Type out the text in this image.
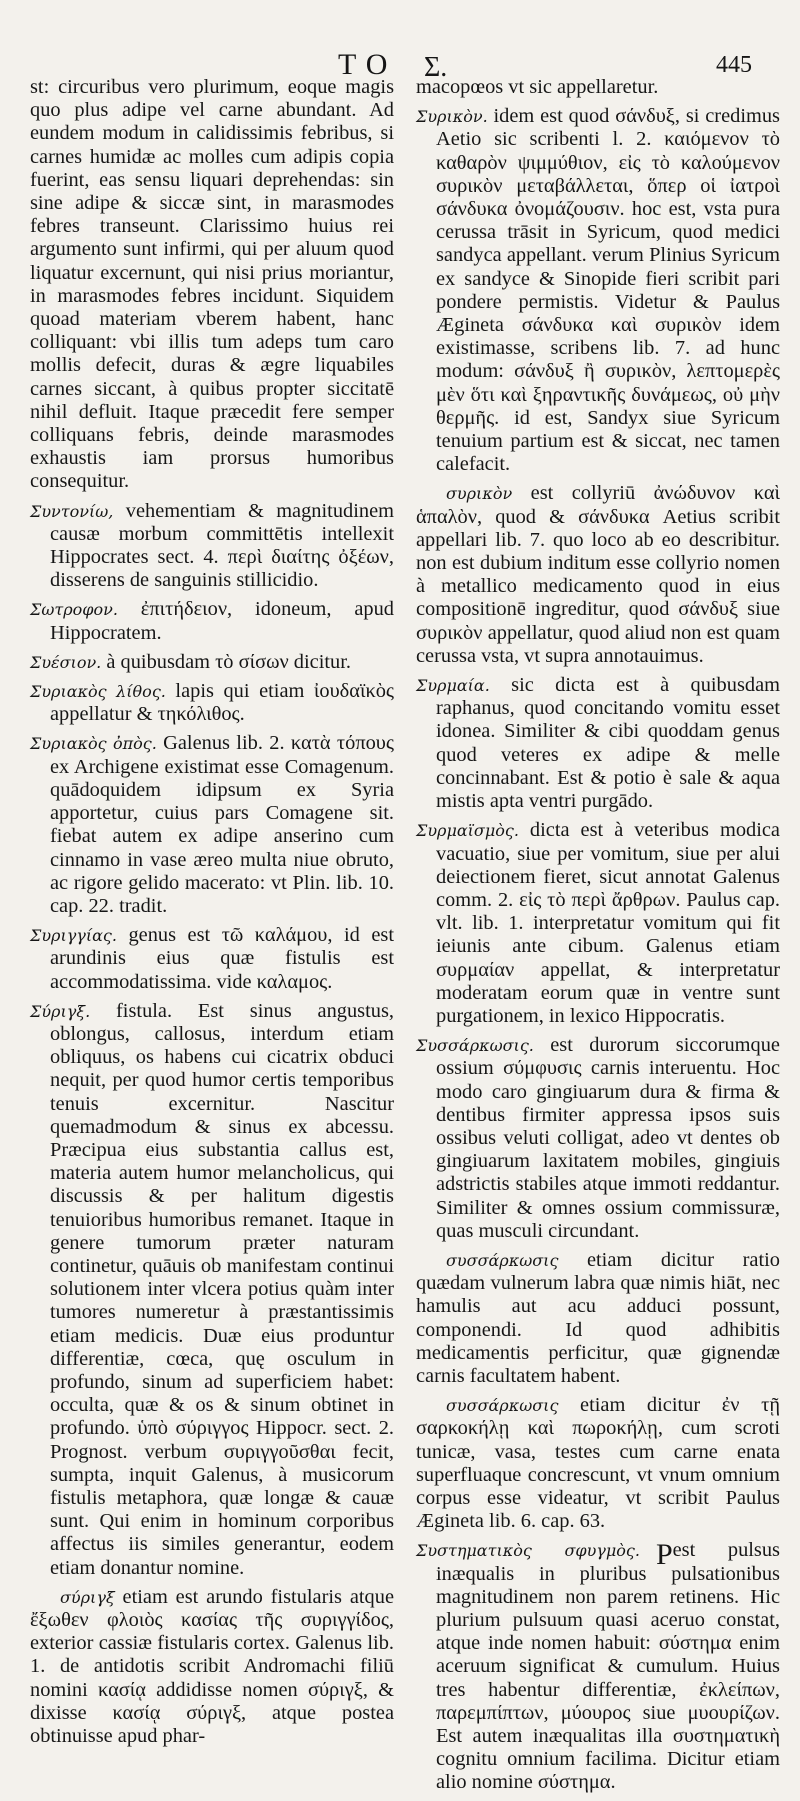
TO Σ.	445

st: circuribus vero plurimum, eoque magis quo plus adipe vel carne abundant. Ad eundem modum in calidissimis febribus, si carnes humidæ ac molles cum adipis copia fuerint, eas sensu liquari deprehendas: sin sine adipe & siccæ sint, in marasmodes febres transeunt. Clarissimo huius rei argumento sunt infirmi, qui per aluum quod liquatur excernunt, qui nisi prius moriantur, in marasmodes febres incidunt. Siquidem quoad materiam vberem habent, hanc colliquant: vbi illis tum adeps tum caro mollis defecit, duras & ægre liquabiles carnes siccant, à quibus propter siccitatē nihil defluit. Itaque præcedit fere semper colliquans febris, deinde marasmodes exhaustis iam prorsus humoribus consequitur.

Συντονίω, vehementiam & magnitudinem causæ morbum committētis intellexit Hippocrates sect. 4. περὶ διαίτης ὀξέων, disserens de sanguinis stillicidio.

Σωτροφον. ἐπιτήδειον, idoneum, apud Hippocratem.

Συέσιον. à quibusdam τὸ σίσων dicitur.

Συριακὸς λίθος. lapis qui etiam ἰουδαϊκὸς appellatur & τηκόλιθος.

Συριακὸς ὀπὸς. Galenus lib. 2. κατὰ τόπους ex Archigene existimat esse Comagenum. quādoquidem idipsum ex Syria apportetur, cuius pars Comagene sit. fiebat autem ex adipe anserino cum cinnamo in vase æreo multa niue obruto, ac rigore gelido macerato: vt Plin. lib. 10. cap. 22. tradit.

Συριγγίας. genus est τῶ καλάμου, id est arundinis eius quæ fistulis est accommodatissima. vide καλαμος.

Σύριγξ. fistula. Est sinus angustus, oblongus, callosus, interdum etiam obliquus, os habens cui cicatrix obduci nequit, per quod humor certis temporibus tenuis excernitur. Nascitur quemadmodum & sinus ex abcessu. Præcipua eius substantia callus est, materia autem humor melancholicus, qui discussis & per halitum digestis tenuioribus humoribus remanet. Itaque in genere tumorum præter naturam continetur, quāuis ob manifestam continui solutionem inter vlcera potius quàm inter tumores numeretur à præstantissimis etiam medicis. Duæ eius produntur differentiæ, cœca, quę osculum in profundo, sinum ad superficiem habet: occulta, quæ & os & sinum obtinet in profundo. ὑπὸ σύριγγος Hippocr. sect. 2. Prognost. verbum συριγγοῦσθαι fecit, sumpta, inquit Galenus, à musicorum fistulis metaphora, quæ longæ & cauæ sunt. Qui enim in hominum corporibus affectus iis similes generantur, eodem etiam donantur nomine.

σύριγξ etiam est arundo fistularis atque ἔξωθεν φλοιὸς κασίας τῆς συριγγίδος, exterior cassiæ fistularis cortex. Galenus lib. 1. de antidotis scribit Andromachi filiū nomini κασίᾳ addidisse nomen σύριγξ, & dixisse κασίᾳ σύριγξ, atque postea obtinuisse apud phar-

macopœos vt sic appellaretur.

Συρικὸν. idem est quod σάνδυξ, si credimus Aetio sic scribenti l. 2. καιόμενον τὸ καθαρὸν ψιμμύθιον, εἰς τὸ καλούμενον συρικὸν μεταβάλλεται, ὅπερ οἱ ἰατροὶ σάνδυκα ὀνομάζουσιν. hoc est, vsta pura cerussa trāsit in Syricum, quod medici sandyca appellant. verum Plinius Syricum ex sandyce & Sinopide fieri scribit pari pondere permistis. Videtur & Paulus Ægineta σάνδυκα καὶ συρικὸν idem existimasse, scribens lib. 7. ad hunc modum: σάνδυξ ἢ συρικὸν, λεπτομερὲς μὲν ὅτι καὶ ξηραντικῆς δυνάμεως, οὐ μὴν θερμῆς. id est, Sandyx siue Syricum tenuium partium est & siccat, nec tamen calefacit.

συρικὸν est collyriū ἀνώδυνον καὶ ἁπαλὸν, quod & σάνδυκα Aetius scribit appellari lib. 7. quo loco ab eo describitur. non est dubium inditum esse collyrio nomen à metallico medicamento quod in eius compositionē ingreditur, quod σάνδυξ siue συρικὸν appellatur, quod aliud non est quam cerussa vsta, vt supra annotauimus.

Συρμαία. sic dicta est à quibusdam raphanus, quod concitando vomitu esset idonea. Similiter & cibi quoddam genus quod veteres ex adipe & melle concinnabant. Est & potio è sale & aqua mistis apta ventri purgādo.

Συρμαϊσμὸς. dicta est à veteribus modica vacuatio, siue per vomitum, siue per alui deiectionem fieret, sicut annotat Galenus comm. 2. εἰς τὸ περὶ ἄρθρων. Paulus cap. vlt. lib. 1. interpretatur vomitum qui fit ieiunis ante cibum. Galenus etiam συρμαίαν appellat, & interpretatur moderatam eorum quæ in ventre sunt purgationem, in lexico Hippocratis.

Συσσάρκωσις. est durorum siccorumque ossium σύμφυσις carnis interuentu. Hoc modo caro gingiuarum dura & firma & dentibus firmiter appressa ipsos suis ossibus veluti colligat, adeo vt dentes ob gingiuarum laxitatem mobiles, gingiuis adstrictis stabiles atque immoti reddantur. Similiter & omnes ossium commissuræ, quas musculi circundant.

συσσάρκωσις etiam dicitur ratio quædam vulnerum labra quæ nimis hiāt, nec hamulis aut acu adduci possunt, componendi. Id quod adhibitis medicamentis perficitur, quæ gignendæ carnis facultatem habent.

συσσάρκωσις etiam dicitur ἐν τῇ σαρκοκήλῃ καὶ πωροκήλῃ, cum scroti tunicæ, vasa, testes cum carne enata superfluaque concrescunt, vt vnum omnium corpus esse videatur, vt scribit Paulus Ægineta lib. 6. cap. 63.

Συστηματικὸς σφυγμὸς. est pulsus inæqualis in pluribus pulsationibus magnitudinem non parem retinens. Hic plurium pulsuum quasi aceruo constat, atque inde nomen habuit: σύστημα enim aceruum significat & cumulum. Huius tres habentur differentiæ, ἐκλείπων, παρεμπίπτων, μύουρος siue μυουρίζων. Est autem inæqualitas illa συστηματικὴ cognitu omnium facilima. Dicitur etiam alio nomine σύστημα.

P
